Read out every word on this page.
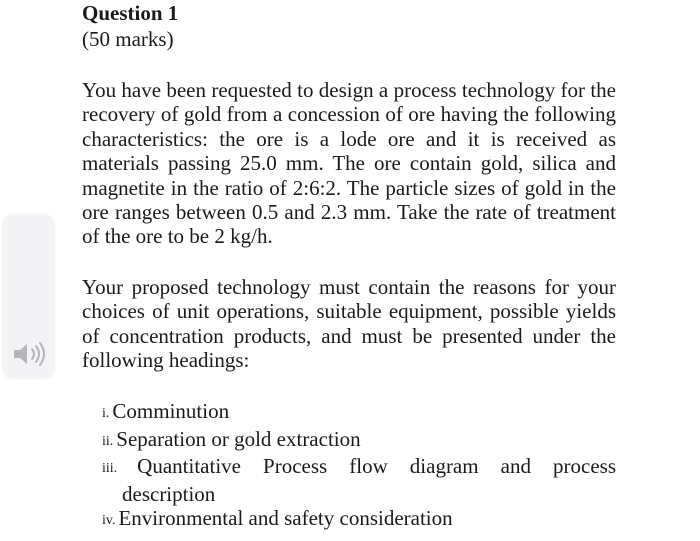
Question 1
(50 marks)

You have been requested to design a process technology for the recovery of gold from a concession of ore having the following characteristics: the ore is a lode ore and it is received as materials passing 25.0 mm. The ore contain gold, silica and magnetite in the ratio of 2:6:2. The particle sizes of gold in the ore ranges between 0.5 and 2.3 mm. Take the rate of treatment of the ore to be 2 kg/h.

Your proposed technology must contain the reasons for your choices of unit operations, suitable equipment, possible yields of concentration products, and must be presented under the following headings:

i. Comminution
ii. Separation or gold extraction
iii. Quantitative Process flow diagram and process
description
iv. Environmental and safety consideration
